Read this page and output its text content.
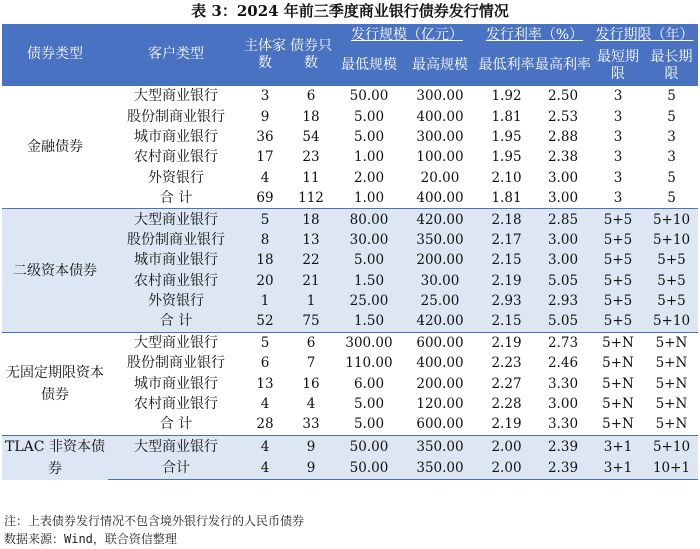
表 3：2024 年前三季度商业银行债券发行情况
债券类型	客户类型	主体家数	债券只数	发行规模（亿元）		发行利率（%）		发行期限（年）	

				最低规模	最高规模	最低利率	最高利率	最短期限	最长期限
金融债券	大型商业银行	3	6	50.00	300.00	1.92	2.50	3	5
	股份制商业银行	9	18	5.00	400.00	1.81	2.53	3	5
	城市商业银行	36	54	5.00	300.00	1.95	2.88	3	3
	农村商业银行	17	23	1.00	100.00	1.95	2.38	3	3
	外资银行	4	11	2.00	20.00	2.10	3.00	3	5
	合 计	69	112	1.00	400.00	1.81	3.00	3	5
二级资本债券	大型商业银行	5	18	80.00	420.00	2.18	2.85	5+5	5+10
	股份制商业银行	8	13	30.00	350.00	2.17	3.00	5+5	5+10
	城市商业银行	18	22	5.00	200.00	2.15	3.00	5+5	5+5
	农村商业银行	20	21	1.50	30.00	2.19	5.05	5+5	5+5
	外资银行	1	1	25.00	25.00	2.93	2.93	5+5	5+5
	合 计	52	75	1.50	420.00	2.15	5.05	5+5	5+10
无固定期限资本债券	大型商业银行	5	6	300.00	600.00	2.19	2.73	5+N	5+N
	股份制商业银行	6	7	110.00	400.00	2.23	2.46	5+N	5+N
	城市商业银行	13	16	6.00	200.00	2.27	3.30	5+N	5+N
	农村商业银行	4	4	5.00	120.00	2.28	3.00	5+N	5+N
	合 计	28	33	5.00	600.00	2.19	3.30	5+N	5+N
TLAC 非资本债券	大型商业银行	4	9	50.00	350.00	2.00	2.39	3+1	5+10
	合计	4	9	50.00	350.00	2.00	2.39	3+1	10+1
注：上表债券发行情况不包含境外银行发行的人民币债券
数据来源：Wind，联合资信整理
